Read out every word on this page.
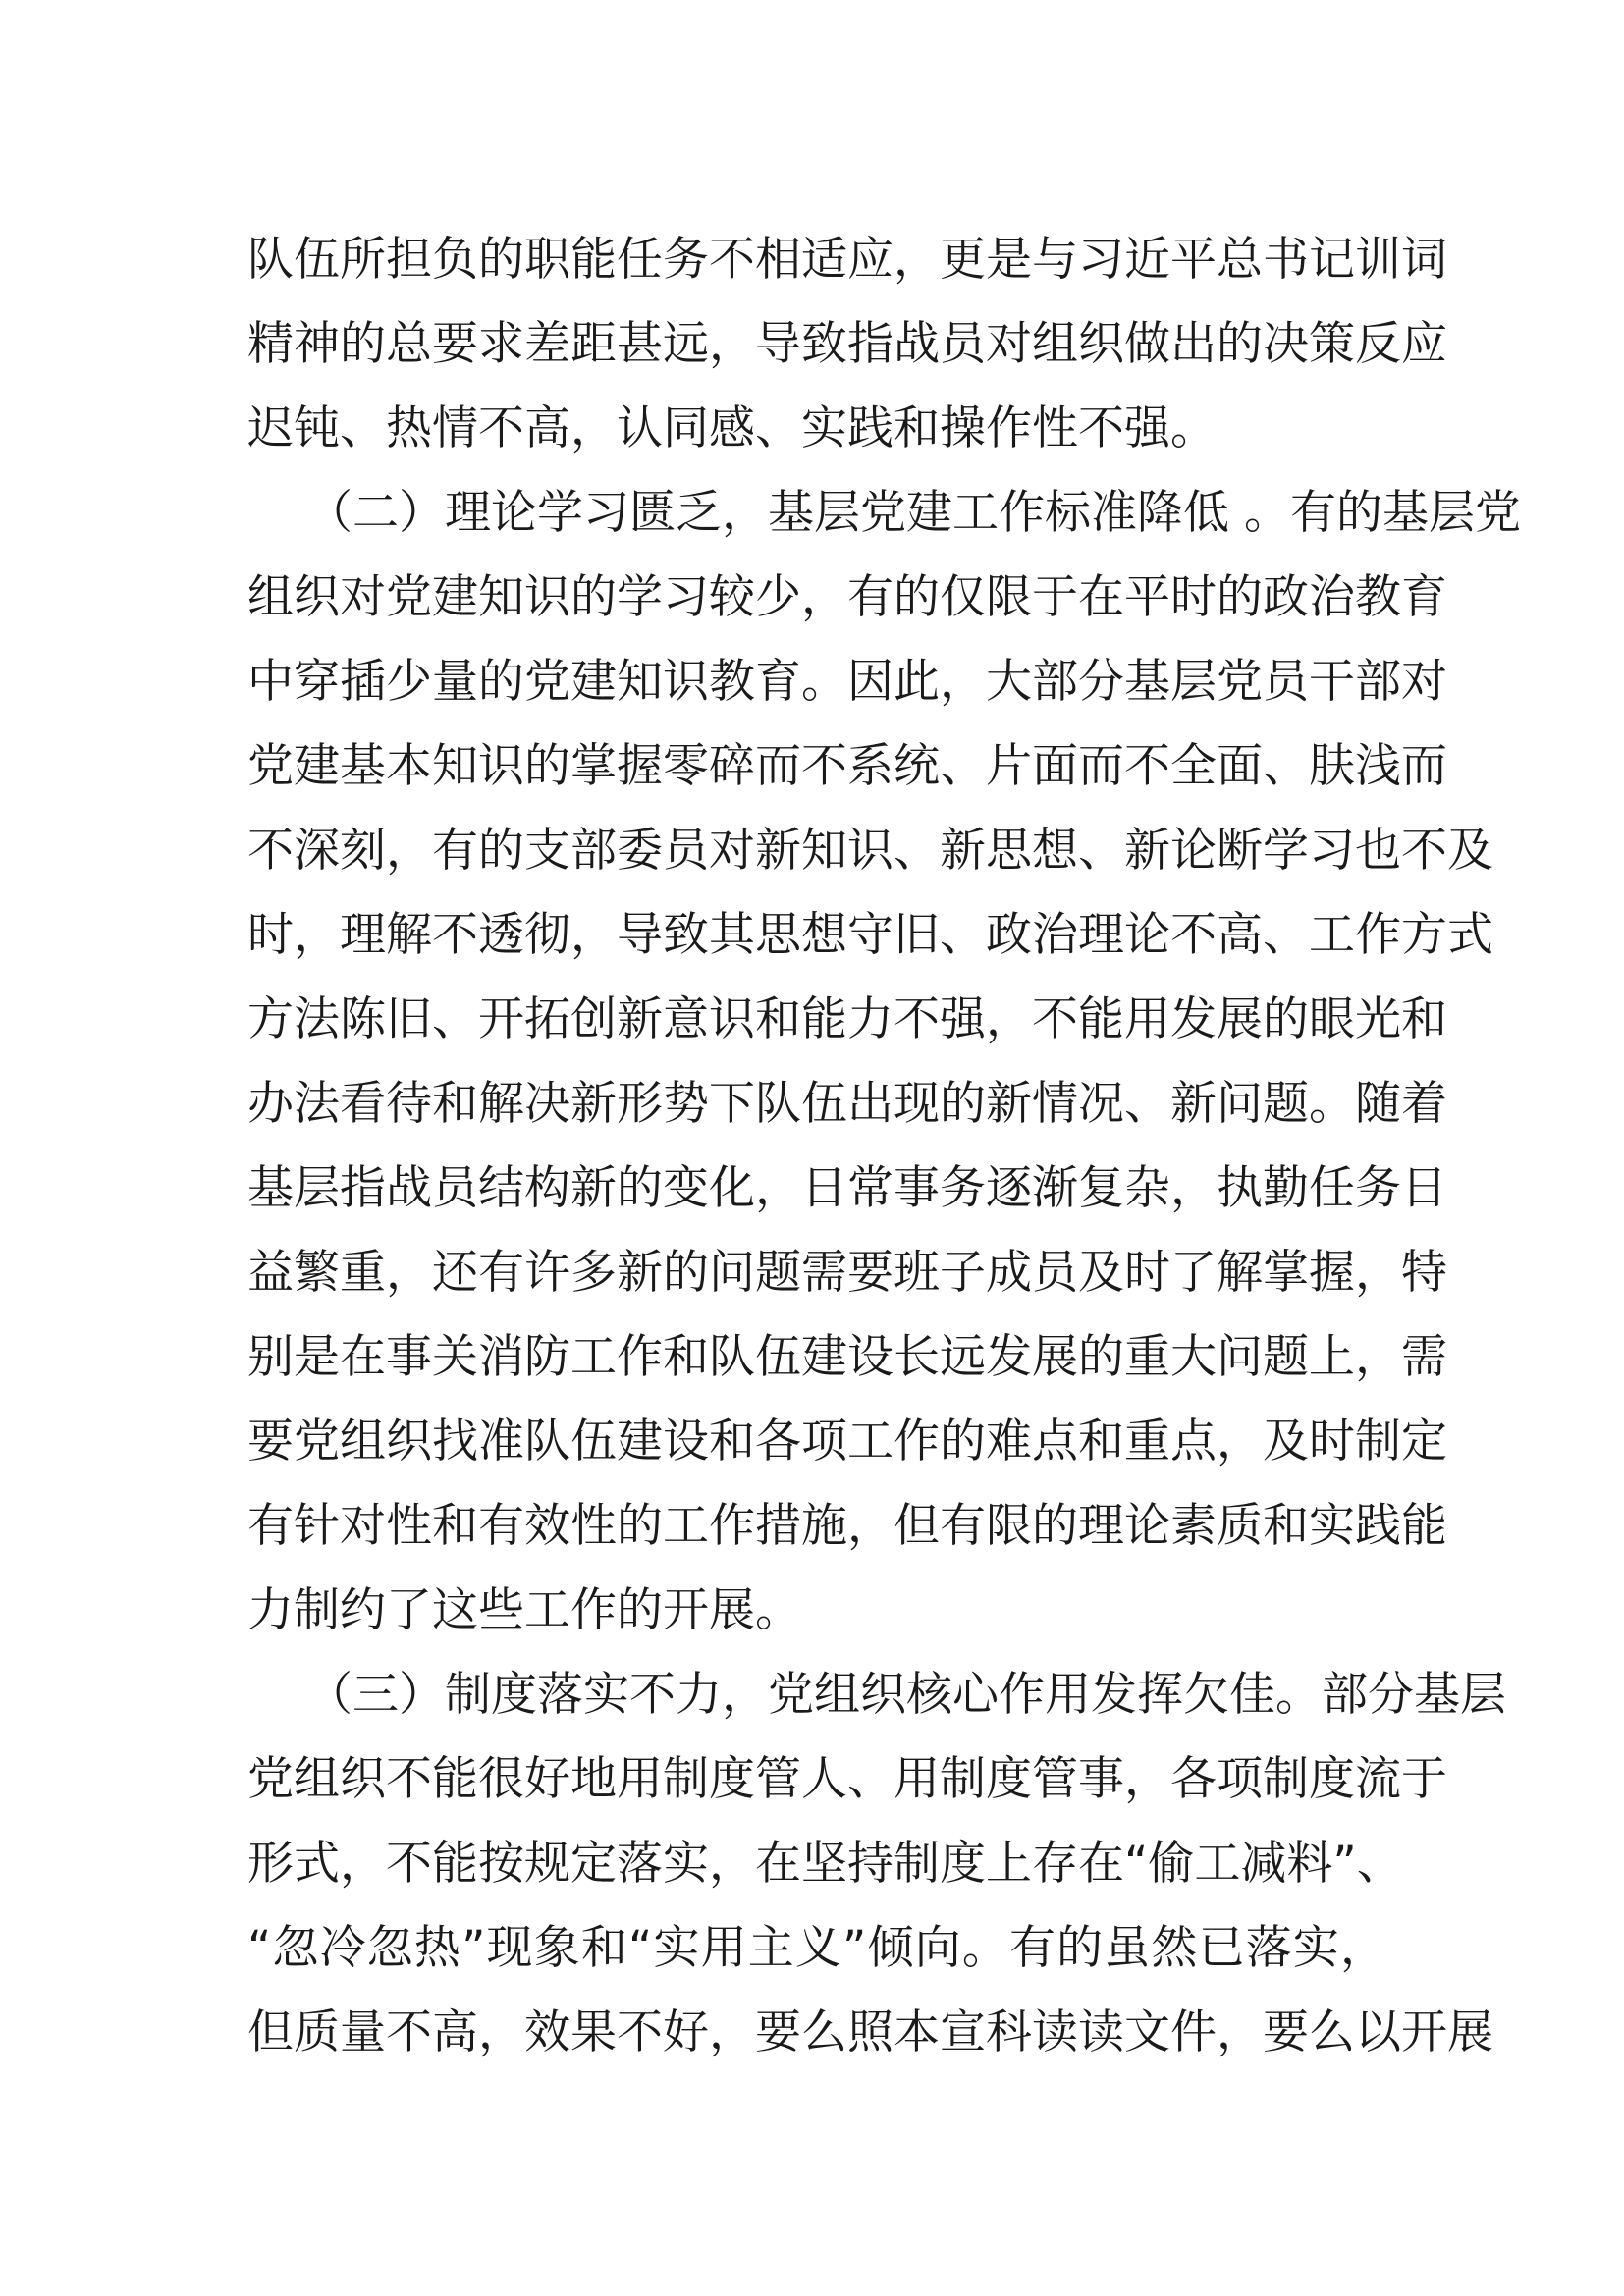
队伍所担负的职能任务不相适应，更是与习近平总书记训词
精神的总要求差距甚远，导致指战员对组织做出的决策反应
迟钝、热情不高，认同感、实践和操作性不强。
（二）理论学习匮乏，基层党建工作标准降低 。有的基层党
组织对党建知识的学习较少，有的仅限于在平时的政治教育
中穿插少量的党建知识教育。因此，大部分基层党员干部对
党建基本知识的掌握零碎而不系统、片面而不全面、肤浅而
不深刻，有的支部委员对新知识、新思想、新论断学习也不及
时，理解不透彻，导致其思想守旧、政治理论不高、工作方式
方法陈旧、开拓创新意识和能力不强，不能用发展的眼光和
办法看待和解决新形势下队伍出现的新情况、新问题。随着
基层指战员结构新的变化，日常事务逐渐复杂，执勤任务日
益繁重，还有许多新的问题需要班子成员及时了解掌握，特
别是在事关消防工作和队伍建设长远发展的重大问题上，需
要党组织找准队伍建设和各项工作的难点和重点，及时制定
有针对性和有效性的工作措施，但有限的理论素质和实践能
力制约了这些工作的开展。
（三）制度落实不力，党组织核心作用发挥欠佳。部分基层
党组织不能很好地用制度管人、用制度管事，各项制度流于
形式，不能按规定落实，在坚持制度上存在“偷工减料”、
“忽冷忽热”现象和“实用主义”倾向。有的虽然已落实，
但质量不高，效果不好，要么照本宣科读读文件，要么以开展
